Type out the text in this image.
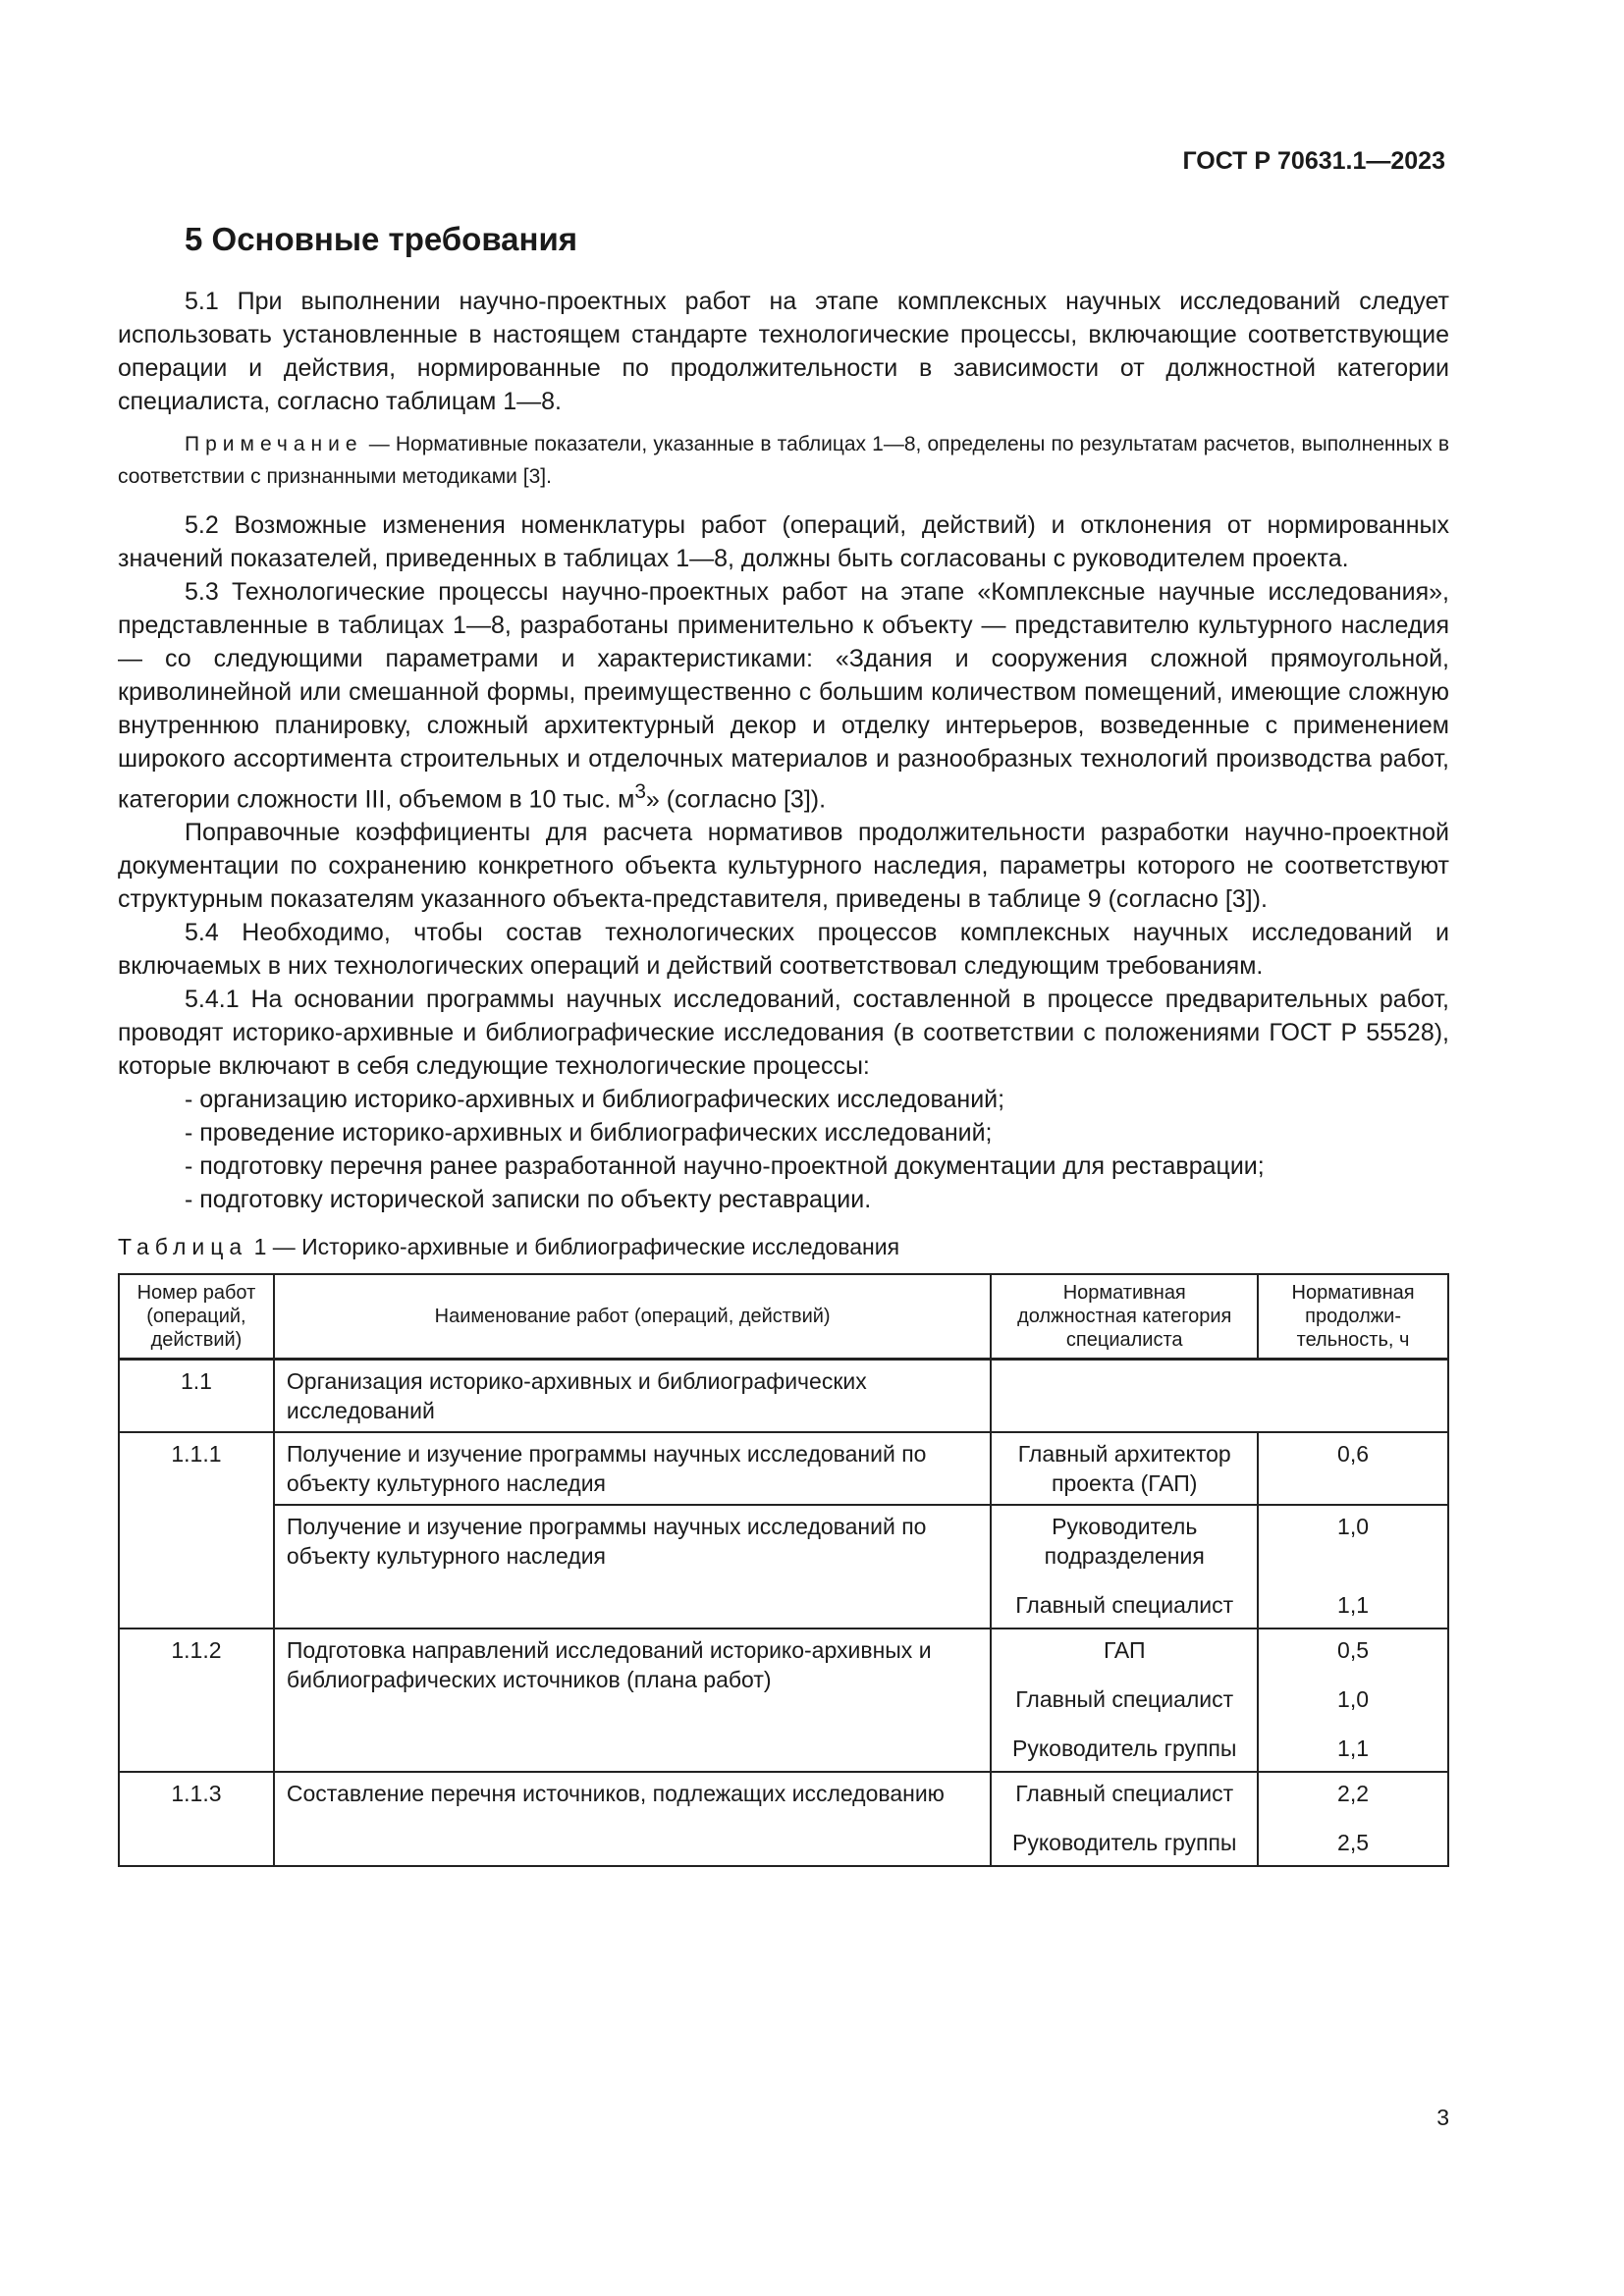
ГОСТ Р 70631.1—2023
5 Основные требования

5.1 При выполнении научно-проектных работ на этапе комплексных научных исследований следует использовать установленные в настоящем стандарте технологические процессы, включающие соответствующие операции и действия, нормированные по продолжительности в зависимости от должностной категории специалиста, согласно таблицам 1—8.

Примечание — Нормативные показатели, указанные в таблицах 1—8, определены по результатам расчетов, выполненных в соответствии с признанными методиками [3].

5.2 Возможные изменения номенклатуры работ (операций, действий) и отклонения от нормированных значений показателей, приведенных в таблицах 1—8, должны быть согласованы с руководителем проекта.

5.3 Технологические процессы научно-проектных работ на этапе «Комплексные научные исследования», представленные в таблицах 1—8, разработаны применительно к объекту — представителю культурного наследия — со следующими параметрами и характеристиками: «Здания и сооружения сложной прямоугольной, криволинейной или смешанной формы, преимущественно с большим количеством помещений, имеющие сложную внутреннюю планировку, сложный архитектурный декор и отделку интерьеров, возведенные с применением широкого ассортимента строительных и отделочных материалов и разнообразных технологий производства работ, категории сложности III, объемом в 10 тыс. $м^3$» (согласно [3]).

Поправочные коэффициенты для расчета нормативов продолжительности разработки научно-проектной документации по сохранению конкретного объекта культурного наследия, параметры которого не соответствуют структурным показателям указанного объекта-представителя, приведены в таблице 9 (согласно [3]).

5.4 Необходимо, чтобы состав технологических процессов комплексных научных исследований и включаемых в них технологических операций и действий соответствовал следующим требованиям.

5.4.1 На основании программы научных исследований, составленной в процессе предварительных работ, проводят историко-архивные и библиографические исследования (в соответствии с положениями ГОСТ Р 55528), которые включают в себя следующие технологические процессы:

- организацию историко-архивных и библиографических исследований;
- проведение историко-архивных и библиографических исследований;
- подготовку перечня ранее разработанной научно-проектной документации для реставрации;
- подготовку исторической записки по объекту реставрации.
Таблица 1 — Историко-архивные и библиографические исследования
Номер работ (операций, действий)	Наименование работ (операций, действий)	Нормативная должностная категория специалиста	Нормативная продолжи-тельность, ч
1.1	Организация историко-архивных и библиографических исследований		
1.1.1	Получение и изучение программы научных исследований по объекту культурного наследия	Главный архитектор проекта (ГАП)	0,6
	Получение и изучение программы научных исследований по объекту культурного наследия	Руководитель подразделения	1,0
		Главный специалист	1,1
1.1.2	Подготовка направлений исследований историко-архивных и библиографических источников (плана работ)	ГАП	0,5
		Главный специалист	1,0
		Руководитель группы	1,1
1.1.3	Составление перечня источников, подлежащих исследованию	Главный специалист	2,2
		Руководитель группы	2,5
3
